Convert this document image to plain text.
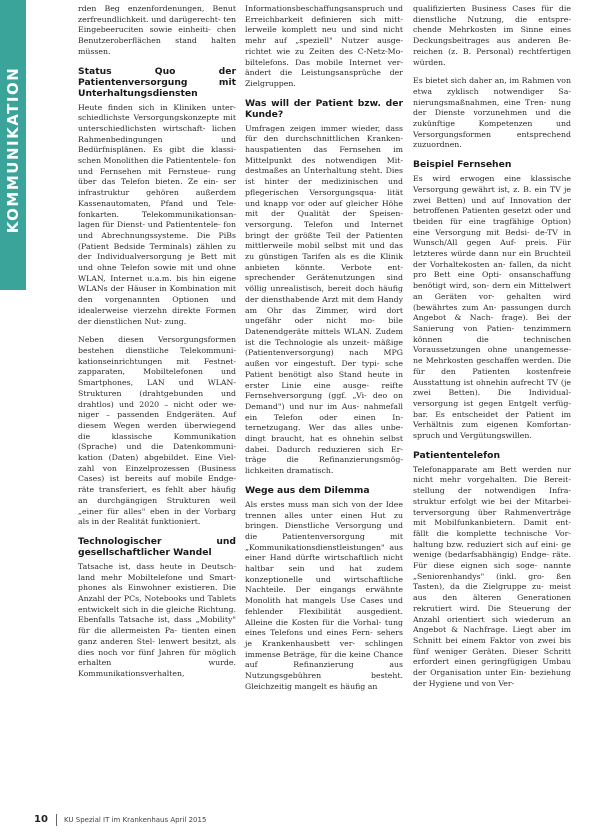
KOMMUNIKATION

rden Beg enzenfordenungen, Benut zerfreundlichkeit. und darügerecht- ten Eingebeeruciten sowie einheiti- chen Benutzeroberflächen stand halten müssen.

Status Quo der Patientenversorgung mit Unterhaltungsdiensten

Heute finden sich in Kliniken unter- schiedlichste Versorgungskonzepte mit unterschiedlichsten wirtschaft- lichen Rahmenbedingungen und Bedürfnisplänen. Es gibt die klassi- schen Monolithen die Patiententele- fon und Fernsehen mit Fernsteue- rung über das Telefon bieten. Ze ein- ser infrastruktur gehören außerdem Kassenautomaten, Pfand und Tele- fonkarten. Telekommunikationsan- lagen für Dienst- und Patiententele- fon und Abrechnungssysteme. Die PiBs (Patient Bedside Terminals) zählen zu der Individualversorgung je Bett mit und ohne Telefon sowie mit und ohne WLAN, Internet u.a.m. bis hin eigene WLANs der Häuser in Kombination mit den vorgenannten Optionen und idealerweise vierzehn direkte Formen der dienstlichen Nut- zung.

Neben diesen Versorgungsformen bestehen dienstliche Telekommuni- kationseinrichtungen mit Festnet- zapparaten, Mobiltelefonen und Smartphones, LAN und WLAN- Strukturen (drahtgebunden und drahtlos) und 2020 – nicht oder we- niger – passenden Endgeräten. Auf diesem Wegen werden überwiegend die klassische Kommunikation (Sprache) und die Datenkommuni- kation (Daten) abgebildet. Eine Viel- zahl von Einzelprozessen (Business Cases) ist bereits auf mobile Endge- räte transferiert, es fehlt aber häufig an durchgängigen Strukturen weil „einer für alles" eben in der Vorbarg als in der Realität funktioniert.

Technologischer und gesellschaftlicher Wandel

Tatsache ist, dass heute in Deutsch- land mehr Mobiltelefone und Smart- phones als Einwohner existieren. Die Anzahl der PCs, Notebooks und Tablets entwickelt sich in die gleiche Richtung. Ebenfalls Tatsache ist, dass „Mobility" für die allermeisten Pa- tienten einen ganz anderen Stel- lenwert besitzt, als dies noch vor fünf Jahren für möglich erhalten wurde. Kommunikationsverhalten,

Informationsbeschaffungsanspruch und Erreichbarkeit definieren sich mitt- lerweile komplett neu und sind nicht mehr auf „speziell" Nutzer ausge- richtet wie zu Zeiten des C-Netz-Mo- biltelefons. Das mobile Internet ver- ändert die Leistungsansprüche der Zielgruppen.

Was will der Patient bzw. der Kunde?

Umfragen zeigen immer wieder, dass für den durchschnittlichen Kranken- hauspatienten das Fernsehen im Mittelpunkt des notwendigen Mit- destmaßes an Unterhaltung steht. Dies ist hinter der medizinischen und pflegerischen Versorgungsqua- lität und knapp vor oder auf gleicher Höhe mit der Qualität der Speisen- versorgung. Telefon und Internet bringt der größte Teil der Patienten mittlerweile mobil selbst mit und das zu günstigen Tarifen als es die Klinik anbieten könnte. Verbote ent- sprechender Gerätenutzungen sind völlig unrealistisch, bereit doch häufig der diensthabende Arzt mit dem Handy am Ohr das Zimmer, wird dort ungefähr oder nicht mo- bile Datenendgeräte mittels WLAN. Zudem ist die Technologie als unzeit- mäßige (Patientenversorgung) nach MPG außen vor eingestuft. Der typi- sche Patient benötigt also Stand heute in erster Linie eine ausge- reifte Fernsehversorgung (ggf. „Vi- deo on Demand") und nur im Aus- nahmefall ein Telefon oder einen In- ternetzugang. Wer das alles unbe- dingt braucht, hat es ohnehin selbst dabei. Dadurch reduzieren sich Er- träge die Refinanzierungsmög- lichkeiten dramatisch.

Wege aus dem Dilemma

Als erstes muss man sich von der Idee trennen alles unter einen Hut zu bringen. Dienstliche Versorgung und die Patientenversorgung mit „Kommunikationsdienstleistungen" aus einer Hand dürfte wirtschaftlich nicht haltbar sein und hat zudem konzeptionelle und wirtschaftliche Nachteile. Der eingangs erwähnte Monolith hat mangels Use Cases und fehlender Flexibilität ausgedient. Alleine die Kosten für die Vorhal- tung eines Telefons und eines Fern- sehers je Krankenhausbett ver- schlingen immense Beträge, für die keine Chance auf Refinanzierung aus Nutzungsgebühren besteht. Gleichzeitig mangelt es häufig an

qualifizierten Business Cases für die dienstliche Nutzung, die entspre- chende Mehrkosten im Sinne eines Deckungsbeitrages aus anderen Be- reichen (z. B. Personal) rechtfertigen würden.

Es bietet sich daher an, im Rahmen von etwa zyklisch notwendiger Sa- nierungsmaßnahmen, eine Tren- nung der Dienste vorzunehmen und die zukünftige Kompetenzen und Versorgungsformen entsprechend zuzuordnen.

Beispiel Fernsehen

Es wird erwogen eine klassische Versorgung gewährt ist, z. B. ein TV je zwei Betten) und auf Innovation der betroffenen Patienten gesetzt oder und tbeiden für eine tragfähige Option) eine Versorgung mit Bedsi- de-TV in Wunsch/All gegen Auf- preis. Für letzteres würde dann nur ein Bruchteil der Vorhaltekosten an- fallen, da nicht pro Bett eine Opti- onsanschaffung benötigt wird, son- dern ein Mittelwert an Geräten vor- gehalten wird (bewährtes zum An- passungen durch Angebot & Nach- frage). Bei der Sanierung von Patien- tenzimmern können die technischen Voraussetzungen ohne unangemesse- ne Mehrkosten geschaffen werden. Die für den Patienten kostenfreie Ausstattung ist ohnehin aufrecht TV (je zwei Betten). Die Individual- versorgung ist gegen Entgelt verfüg- bar. Es entscheidet der Patient im Verhältnis zum eigenen Komfortan- spruch und Vergütungswillen.

Patiententelefon

Telefonapparate am Bett werden nur nicht mehr vorgehalten. Die Bereit- stellung der notwendigen Infra- struktur erfolgt wie bei der Mitarbei- terversorgung über Rahmenverträge mit Mobilfunkanbietern. Damit ent- fällt die komplette technische Vor- haltung bzw. reduziert sich auf eini- ge wenige (bedarfsabhängig) Endge- räte. Für diese eignen sich soge- nannte „Seniorenhandys" (inkl. gro- ßen Tasten), da die Zielgruppe zu- meist aus den älteren Generationen rekrutiert wird. Die Steuerung der Anzahl orientiert sich wiederum an Angebot & Nachfrage. Liegt aber im Schnitt bei einem Faktor von zwei bis fünf weniger Geräten. Dieser Schritt erfordert einen geringfügigen Umbau der Organisation unter Ein- beziehung der Hygiene und von Ver-

10 KU Spezial IT im Krankenhaus April 2015
